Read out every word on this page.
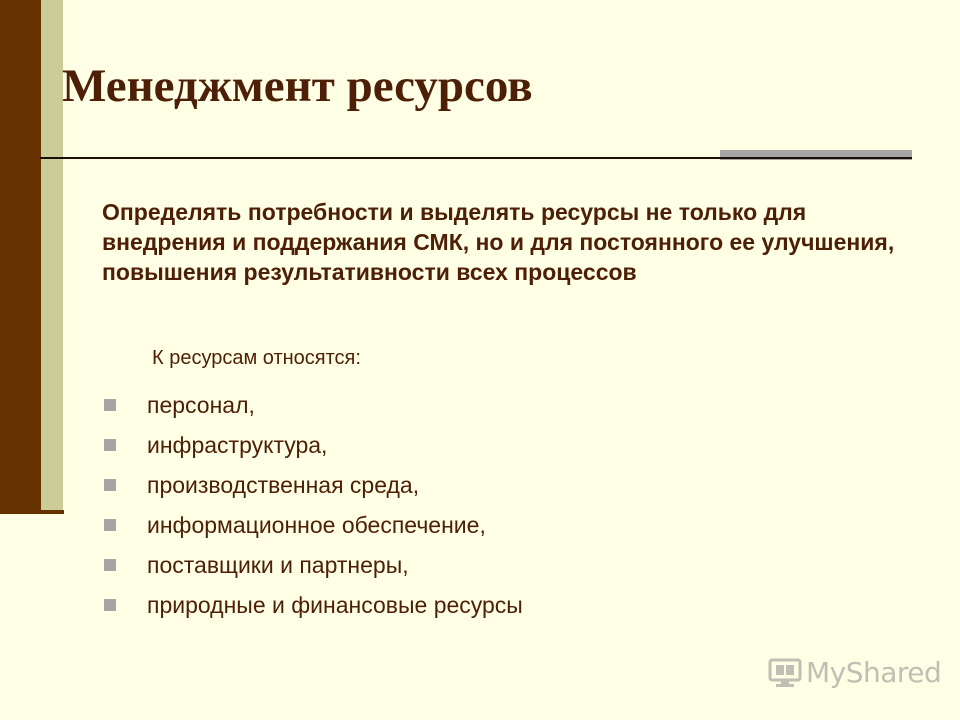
Менеджмент ресурсов

Определять потребности и выделять ресурсы не только для внедрения и поддержания СМК, но и для постоянного ее улучшения, повышения результативности всех процессов

К ресурсам относятся:

персонал,
инфраструктура,
производственная среда,
информационное обеспечение,
поставщики и партнеры,
природные и финансовые ресурсы
MyShared
